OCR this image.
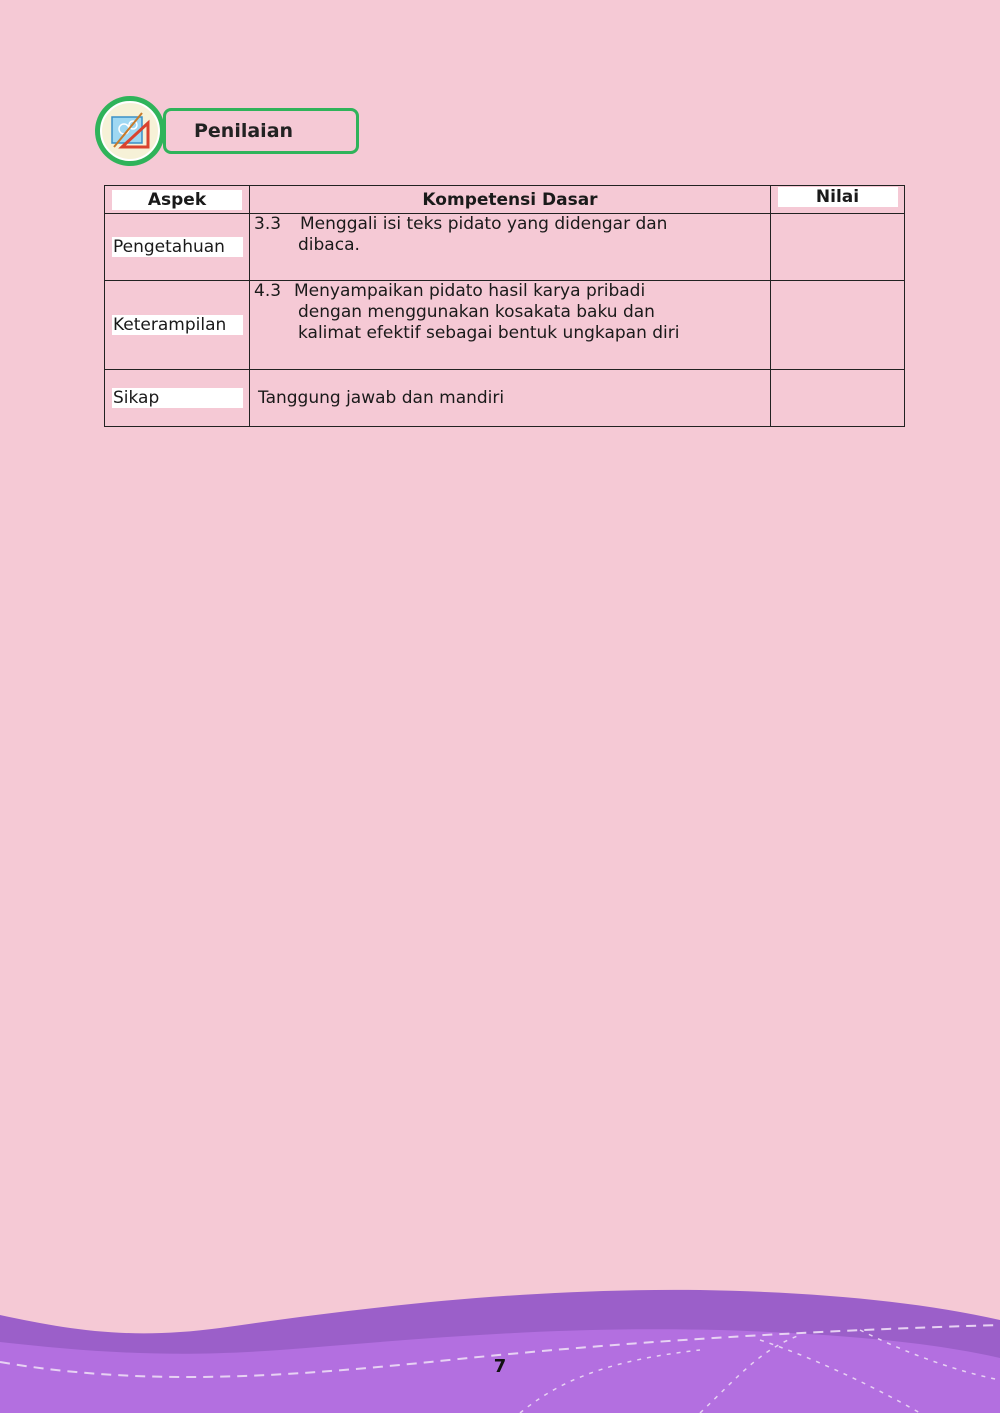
Penilaian
Aspek	Kompetensi Dasar	Nilai
Pengetahuan	3.3 Menggali isi teks pidato yang didengar dan
dibaca.	

Keterampilan	4.3 Menyampaikan pidato hasil karya pribadi
dengan menggunakan kosakata baku dan
kalimat efektif sebagai bentuk ungkapan diri	

Sikap	Tanggung jawab dan mandiri	
7
